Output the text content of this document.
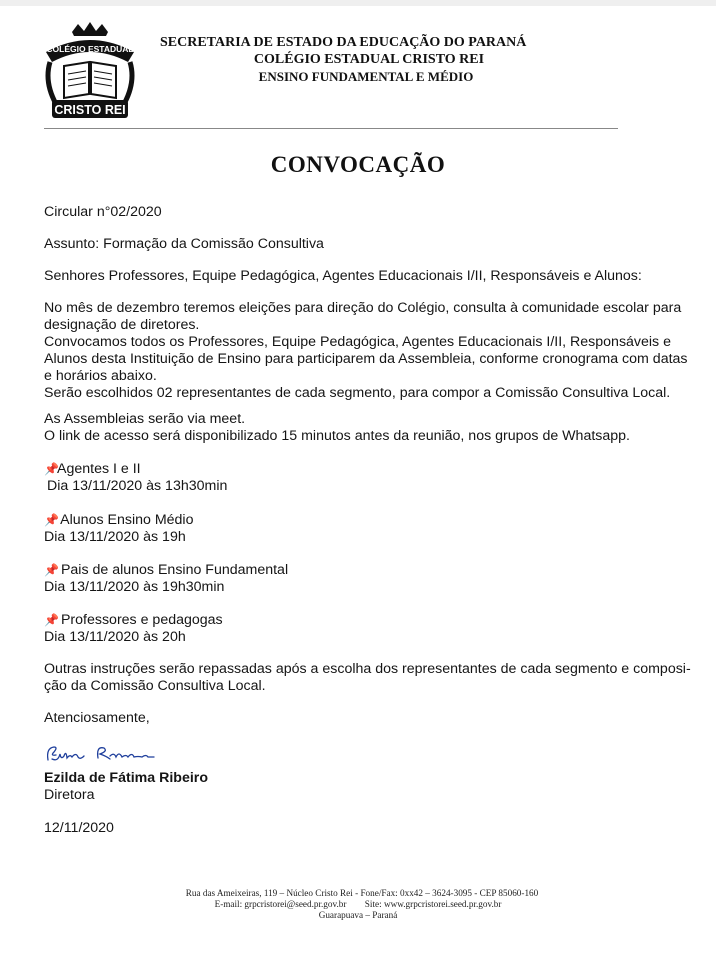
COLÉGIO ESTADUAL
CRISTO REI
SECRETARIA DE ESTADO DA EDUCAÇÃO DO PARANÁ
COLÉGIO ESTADUAL CRISTO REI
ENSINO FUNDAMENTAL E MÉDIO
CONVOCAÇÃO
Circular n°02/2020
Assunto: Formação da Comissão Consultiva
Senhores Professores, Equipe Pedagógica, Agentes Educacionais I/II, Responsáveis e Alunos:
No mês de dezembro teremos eleições para direção do Colégio, consulta à comunidade escolar para
designação de diretores.
Convocamos todos os Professores, Equipe Pedagógica, Agentes Educacionais I/II, Responsáveis e
Alunos desta Instituição de Ensino para participarem da Assembleia, conforme cronograma com datas
e horários abaixo.
Serão escolhidos 02 representantes de cada segmento, para compor a Comissão Consultiva Local.
As Assembleias serão via meet.
O link de acesso será disponibilizado 15 minutos antes da reunião, nos grupos de Whatsapp.
📌Agentes I e II
Dia 13/11/2020 às 13h30min
📌 Alunos Ensino Médio
Dia 13/11/2020 às 19h
📌 Pais de alunos Ensino Fundamental
Dia 13/11/2020 às 19h30min
📌 Professores e pedagogas
Dia 13/11/2020 às 20h
Outras instruções serão repassadas após a escolha dos representantes de cada segmento e composi-
ção da Comissão Consultiva Local.
Atenciosamente,
Ezilda de Fátima Ribeiro
Diretora
12/11/2020
Rua das Ameixeiras, 119 – Núcleo Cristo Rei - Fone/Fax: 0xx42 – 3624-3095 - CEP 85060-160
E-mail: grpcristorei@seed.pr.gov.br        Site: www.grpcristorei.seed.pr.gov.br
Guarapuava – Paraná
